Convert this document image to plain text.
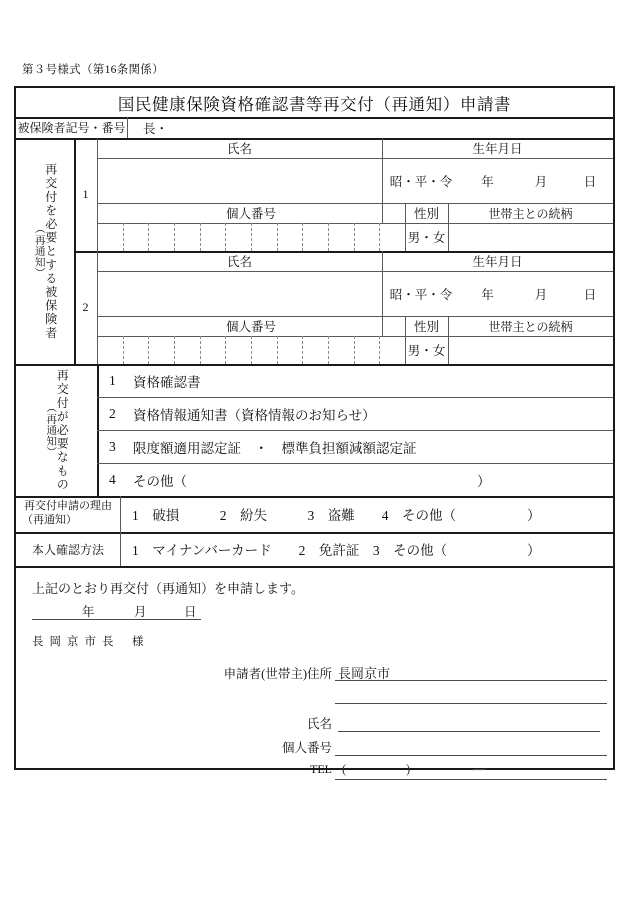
第３号様式（第16条関係）
国民健康保険資格確認書等再交付（再通知）申請書
被保険者記号・番号	長・
再交付を必要とする被保険者
（再通知）
1
氏名	生年月日
昭・平・令	年	月	日
個人番号	性別	世帯主との続柄
男・女
2
氏名	生年月日
昭・平・令	年	月	日
個人番号	性別	世帯主との続柄
男・女
再交付が必要なもの
（再通知）
1	資格確認書
2	資格情報通知書（資格情報のお知らせ）
3	限度額適用認定証　・　標準負担額減額認定証
4	その他（	）
再交付申請の理由
（再通知）	1　破損　　　2　紛失　　　3　盗難　　4　その他（	）
本人確認方法	1　マイナンバーカード　　2　免許証　3　その他（	）
上記のとおり再交付（再通知）を申請します。
年	月	日
長岡京市長 様
申請者(世帯主)住所 長岡京市
氏名
個人番号
TEL (	)	―
